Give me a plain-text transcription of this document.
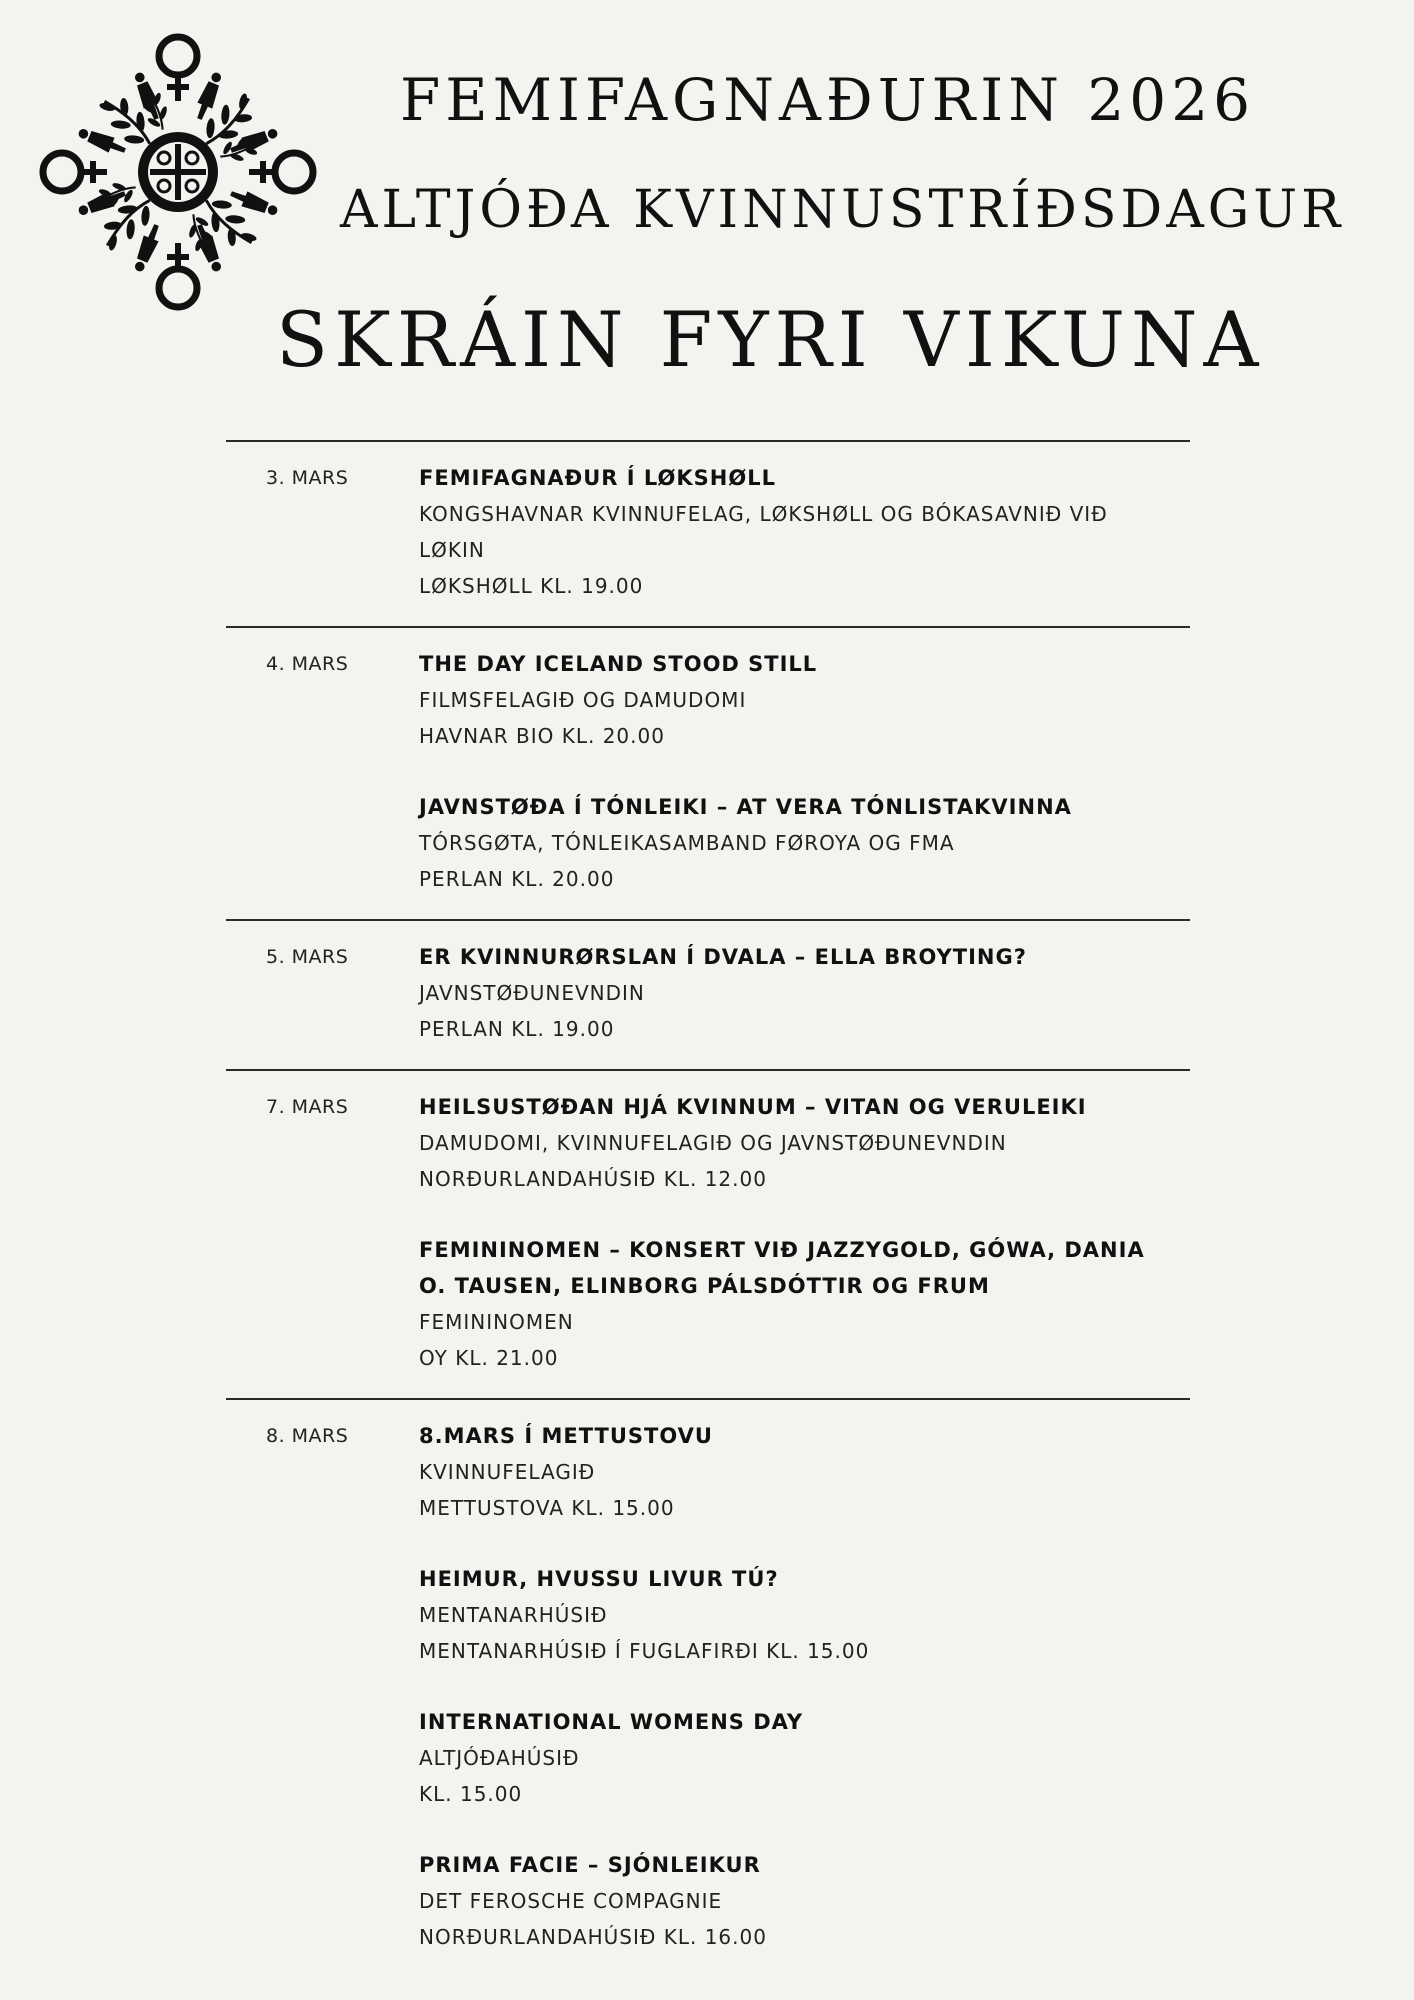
FEMIFAGNAÐURIN 2026
ALTJÓÐA KVINNUSTRÍÐSDAGUR
SKRÁIN FYRI VIKUNA
3. MARS	FEMIFAGNAÐUR Í LØKSHØLL
KONGSHAVNAR KVINNUFELAG, LØKSHØLL OG BÓKASAVNIÐ VIÐ LØKIN
LØKSHØLL KL. 19.00
4. MARS	THE DAY ICELAND STOOD STILL
FILMSFELAGIÐ OG DAMUDOMI
HAVNAR BIO KL. 20.00
JAVNSTØÐA Í TÓNLEIKI – AT VERA TÓNLISTAKVINNA
TÓRSGØTA, TÓNLEIKASAMBAND FØROYA OG FMA
PERLAN KL. 20.00
5. MARS	ER KVINNURØRSLAN Í DVALA – ELLA BROYTING?
JAVNSTØÐUNEVNDIN
PERLAN KL. 19.00
7. MARS	HEILSUSTØÐAN HJÁ KVINNUM – VITAN OG VERULEIKI
DAMUDOMI, KVINNUFELAGIÐ OG JAVNSTØÐUNEVNDIN
NORÐURLANDAHÚSIÐ KL. 12.00
FEMININOMEN – KONSERT VIÐ JAZZYGOLD, GÓWA, DANIA O. TAUSEN, ELINBORG PÁLSDÓTTIR OG FRUM
FEMININOMEN
OY KL. 21.00
8. MARS	8.MARS Í METTUSTOVU
KVINNUFELAGIÐ
METTUSTOVA KL. 15.00
HEIMUR, HVUSSU LIVUR TÚ?
MENTANARHÚSIÐ
MENTANARHÚSIÐ Í FUGLAFIRÐI KL. 15.00
INTERNATIONAL WOMENS DAY
ALTJÓÐAHÚSIÐ
KL. 15.00
PRIMA FACIE – SJÓNLEIKUR
DET FEROSCHE COMPAGNIE
NORÐURLANDAHÚSIÐ KL. 16.00
